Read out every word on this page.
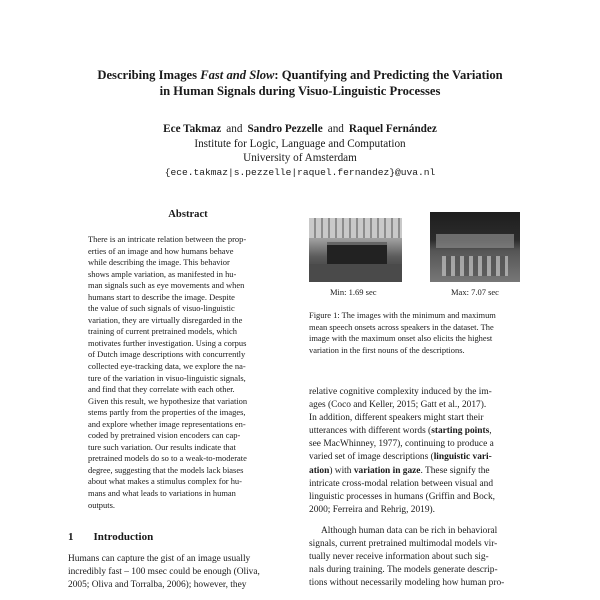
Describing Images Fast and Slow: Quantifying and Predicting the Variation
in Human Signals during Visuo-Linguistic Processes
Ece Takmaz and Sandro Pezzelle and Raquel Fernández
Institute for Logic, Language and Computation
University of Amsterdam
{ece.takmaz|s.pezzelle|raquel.fernandez}@uva.nl
Abstract
There is an intricate relation between the prop-
erties of an image and how humans behave
while describing the image. This behavior
shows ample variation, as manifested in hu-
man signals such as eye movements and when
humans start to describe the image. Despite
the value of such signals of visuo-linguistic
variation, they are virtually disregarded in the
training of current pretrained models, which
motivates further investigation. Using a corpus
of Dutch image descriptions with concurrently
collected eye-tracking data, we explore the na-
ture of the variation in visuo-linguistic signals,
and find that they correlate with each other.
Given this result, we hypothesize that variation
stems partly from the properties of the images,
and explore whether image representations en-
coded by pretrained vision encoders can cap-
ture such variation. Our results indicate that
pretrained models do so to a weak-to-moderate
degree, suggesting that the models lack biases
about what makes a stimulus complex for hu-
mans and what leads to variations in human
outputs.
1 Introduction
Humans can capture the gist of an image usually
incredibly fast – 100 msec could be enough (Oliva,
2005; Oliva and Torralba, 2006); however, they
Min: 1.69 sec	Max: 7.07 sec
Figure 1: The images with the minimum and maximum
mean speech onsets across speakers in the dataset. The
image with the maximum onset also elicits the highest
variation in the first nouns of the descriptions.
relative cognitive complexity induced by the im-
ages (Coco and Keller, 2015; Gatt et al., 2017).
In addition, different speakers might start their
utterances with different words (starting points,
see MacWhinney, 1977), continuing to produce a
varied set of image descriptions (linguistic vari-
ation) with variation in gaze. These signify the
intricate cross-modal relation between visual and
linguistic processes in humans (Griffin and Bock,
2000; Ferreira and Rehrig, 2019).
Although human data can be rich in behavioral
signals, current pretrained multimodal models vir-
tually never receive information about such sig-
nals during training. The models generate descrip-
tions without necessarily modeling how human pro-
